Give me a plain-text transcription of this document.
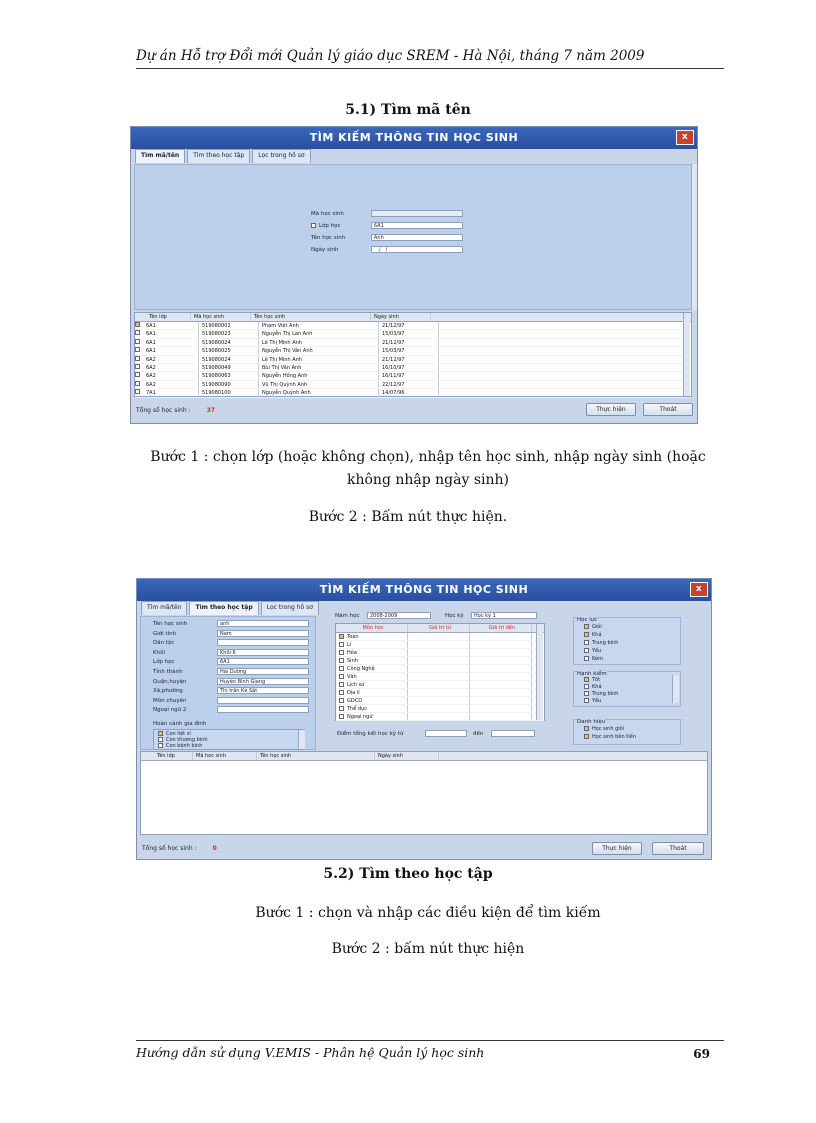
Dự án Hỗ trợ Đổi mới Quản lý giáo dục SREM - Hà Nội, tháng 7 năm 2009
5.1) Tìm mã tên
TÌM KIẾM THÔNG TIN HỌC SINH	x
Tìm mã/tên	Tìm theo học tập	Lọc trong hồ sơ
Mã học sinh
Lớp học	6A1
Tên học sinh	Anh
Ngày sinh	__/__/__
Tên lớp	Mã học sinh	Tên học sinh	Ngày sinh
6A1	519080002	Phạm Việt Anh	21/12/97
6A1	519080023	Nguyễn Thị Lan Anh	15/03/97
6A1	519080024	Lê Thị Minh Anh	21/12/97
6A1	519080025	Nguyễn Thị Vân Anh	15/03/97
6A2	519080024	Lê Thị Minh Anh	21/12/97
6A2	519080049	Bùi Thị Vân Anh	16/10/97
6A2	519080063	Nguyễn Hồng Anh	16/11/97
6A2	519080090	Vũ Thị Quỳnh Anh	22/12/97
7A1	519080100	Nguyễn Quỳnh Anh	14/07/96
Tổng số học sinh :	37	Thực hiện	Thoát
Bước 1 : chọn lớp (hoặc không chọn), nhập tên học sinh, nhập ngày sinh (hoặc không nhập ngày sinh)
Bước 2 : Bấm nút thực hiện.
TÌM KIẾM THÔNG TIN HỌC SINH	x
Tìm mã/tên	Tìm theo học tập	Lọc trong hồ sơ
Tên học sinh	anh
Giới tính	Nam
Dân tộc
Khối	Khối 6
Lớp học	6A1
Tỉnh thành	Hải Dương
Quận,huyện	Huyện Bình Giang
Xã,phường	Thị trấn Kẻ Sặt
Môn chuyên
Ngoại ngữ 2
Hoàn cảnh gia đình
Con liệt sĩ
Con thương binh
Con bệnh binh
Năm học	2008-2009	Học kỳ	Học kỳ 1
Môn học	Giá trị từ	Giá trị đến
Toán
Lí
Hóa
Sinh
Công Nghệ
Văn
Lịch sử
Địa lí
GDCD
Thể dục
Ngoại ngữ
Điểm tổng kết học kỳ từ	đến
Học lực
Giỏi
Khá
Trung bình
Yếu
Kém
Hạnh kiểm
Tốt
Khá
Trung bình
Yếu
Danh hiệu
Học sinh giỏi
Học sinh tiên tiến
Tên lớp	Mã học sinh	Tên học sinh	Ngày sinh
Tổng số học sinh :	0	Thực hiện	Thoát
5.2) Tìm theo học tập
Bước 1 : chọn và nhập các điều kiện để tìm kiếm
Bước 2 : bấm nút thực hiện
Hướng dẫn sử dụng V.EMIS - Phân hệ Quản lý học sinh	69
